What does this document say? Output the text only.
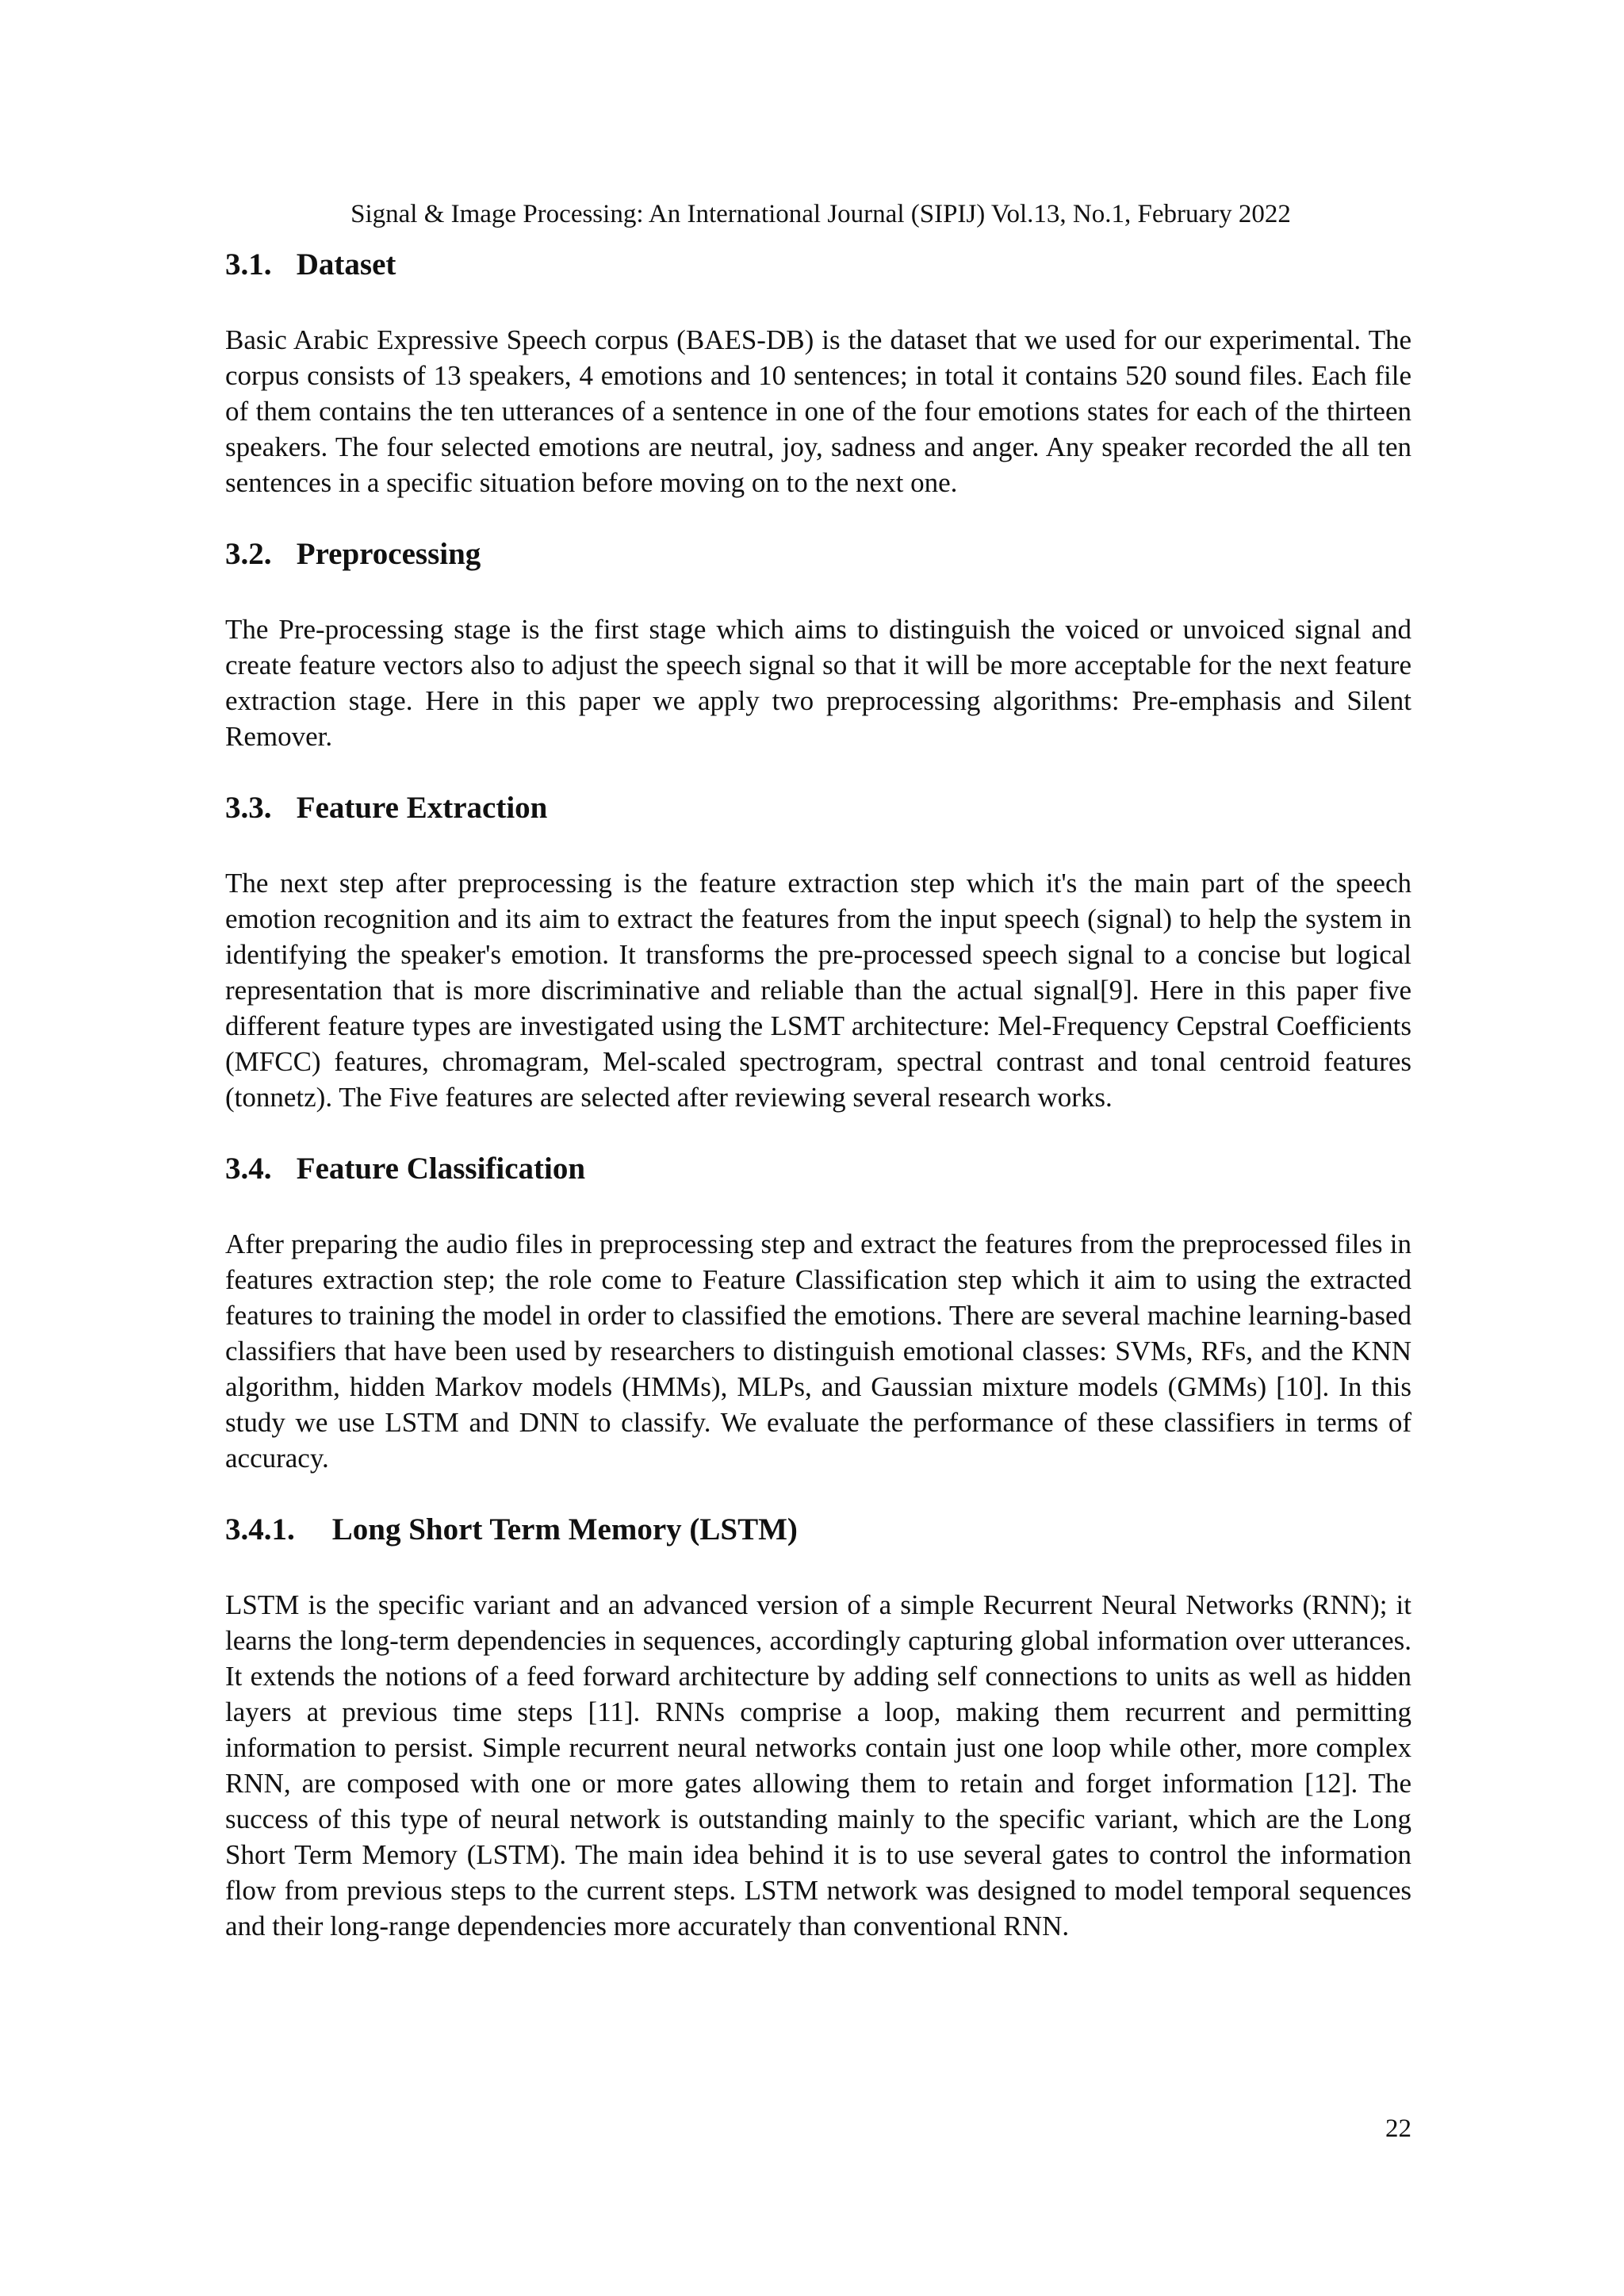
Signal & Image Processing: An International Journal (SIPIJ) Vol.13, No.1, February 2022
3.1. Dataset

Basic Arabic Expressive Speech corpus (BAES-DB) is the dataset that we used for our experimental. The corpus consists of 13 speakers, 4 emotions and 10 sentences; in total it contains 520 sound files. Each file of them contains the ten utterances of a sentence in one of the four emotions states for each of the thirteen speakers. The four selected emotions are neutral, joy, sadness and anger. Any speaker recorded the all ten sentences in a specific situation before moving on to the next one.

3.2. Preprocessing

The Pre-processing stage is the first stage which aims to distinguish the voiced or unvoiced signal and create feature vectors also to adjust the speech signal so that it will be more acceptable for the next feature extraction stage. Here in this paper we apply two preprocessing algorithms: Pre-emphasis and Silent Remover.

3.3. Feature Extraction

The next step after preprocessing is the feature extraction step which it's the main part of the speech emotion recognition and its aim to extract the features from the input speech (signal) to help the system in identifying the speaker's emotion. It transforms the pre-processed speech signal to a concise but logical representation that is more discriminative and reliable than the actual signal[9]. Here in this paper five different feature types are investigated using the LSMT architecture: Mel-Frequency Cepstral Coefficients (MFCC) features, chromagram, Mel-scaled spectrogram, spectral contrast and tonal centroid features (tonnetz). The Five features are selected after reviewing several research works.

3.4. Feature Classification

After preparing the audio files in preprocessing step and extract the features from the preprocessed files in features extraction step; the role come to Feature Classification step which it aim to using the extracted features to training the model in order to classified the emotions. There are several machine learning-based classifiers that have been used by researchers to distinguish emotional classes: SVMs, RFs, and the KNN algorithm, hidden Markov models (HMMs), MLPs, and Gaussian mixture models (GMMs) [10]. In this study we use LSTM and DNN to classify. We evaluate the performance of these classifiers in terms of accuracy.

3.4.1. Long Short Term Memory (LSTM)

LSTM is the specific variant and an advanced version of a simple Recurrent Neural Networks (RNN); it learns the long-term dependencies in sequences, accordingly capturing global information over utterances. It extends the notions of a feed forward architecture by adding self connections to units as well as hidden layers at previous time steps [11]. RNNs comprise a loop, making them recurrent and permitting information to persist. Simple recurrent neural networks contain just one loop while other, more complex RNN, are composed with one or more gates allowing them to retain and forget information [12]. The success of this type of neural network is outstanding mainly to the specific variant, which are the Long Short Term Memory (LSTM). The main idea behind it is to use several gates to control the information flow from previous steps to the current steps. LSTM network was designed to model temporal sequences and their long-range dependencies more accurately than conventional RNN.

22
